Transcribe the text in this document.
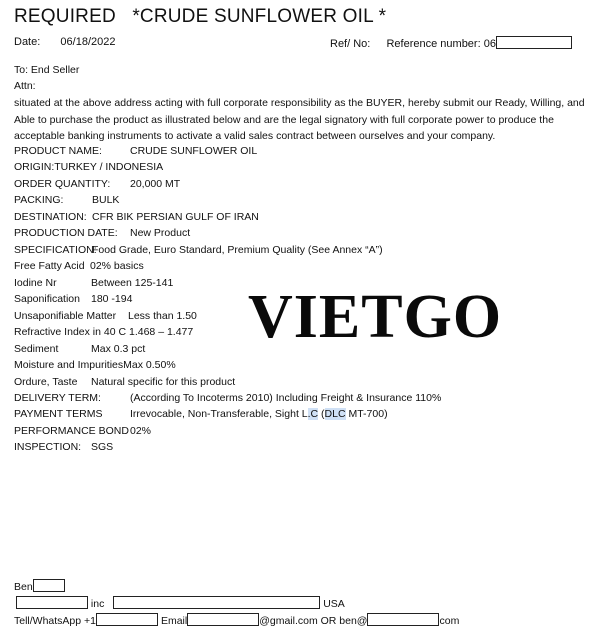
REQUIRED   *CRUDE SUNFLOWER OIL *
Date: 06/18/2022	Ref/ No: Reference number: 06
To: End Seller
Attn:
situated at the above address acting with full corporate responsibility as the BUYER, hereby submit our Ready, Willing, and Able to purchase the product as illustrated below and are the legal signatory with full corporate power to produce the acceptable banking instruments to activate a valid sales contract between ourselves and your company.
PRODUCT NAME:	CRUDE SUNFLOWER OIL
ORIGIN:TURKEY / INDONESIA
ORDER QUANTITY: 20,000 MT
PACKING:	BULK
DESTINATION: CFR BIK PERSIAN GULF OF IRAN
PRODUCTION DATE: New Product
SPECIFICATION:
Food Grade, Euro Standard, Premium Quality (See Annex “A”)
Free Fatty Acid 02% basics
Iodine Nr	Between 125-141
Saponification 180 -194
Unsaponifiable Matter Less than 1.50
Refractive Index in 40 C 1.468 – 1.477
Sediment	Max 0.3 pct
Moisture and ImpuritiesMax 0.50%
Ordure, Taste Natural specific for this product
DELIVERY TERM:	(According To Incoterms 2010) Including Freight & Insurance 110%
PAYMENT TERMS	Irrevocable, Non-Transferable, Sight L.C (DLC MT-700)
PERFORMANCE BOND 02%
INSPECTION: SGS
VIETGO
Ben
inc	USA
Tell/WhatsApp +1	Email	@gmail.com OR ben@	com
